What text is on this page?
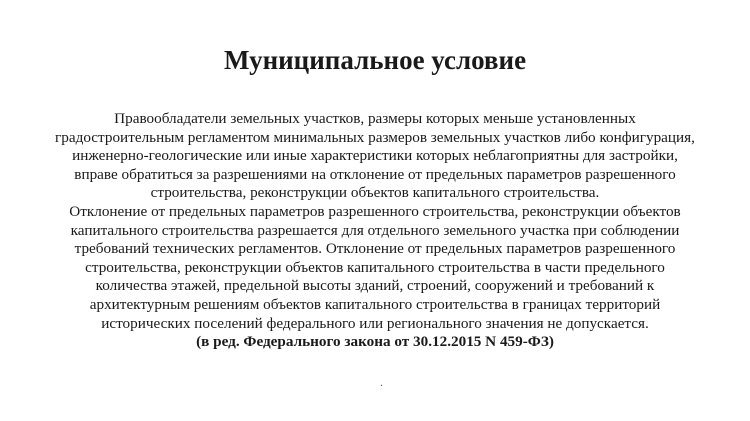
Муниципальное условие
Правообладатели земельных участков, размеры которых меньше установленных
градостроительным регламентом минимальных размеров земельных участков либо конфигурация,
инженерно-геологические или иные характеристики которых неблагоприятны для застройки,
вправе обратиться за разрешениями на отклонение от предельных параметров разрешенного
строительства, реконструкции объектов капитального строительства.
Отклонение от предельных параметров разрешенного строительства, реконструкции объектов
капитального строительства разрешается для отдельного земельного участка при соблюдении
требований технических регламентов. Отклонение от предельных параметров разрешенного
строительства, реконструкции объектов капитального строительства в части предельного
количества этажей, предельной высоты зданий, строений, сооружений и требований к
архитектурным решениям объектов капитального строительства в границах территорий
исторических поселений федерального или регионального значения не допускается.
(в ред. Федерального закона от 30.12.2015 N 459-ФЗ)
.
